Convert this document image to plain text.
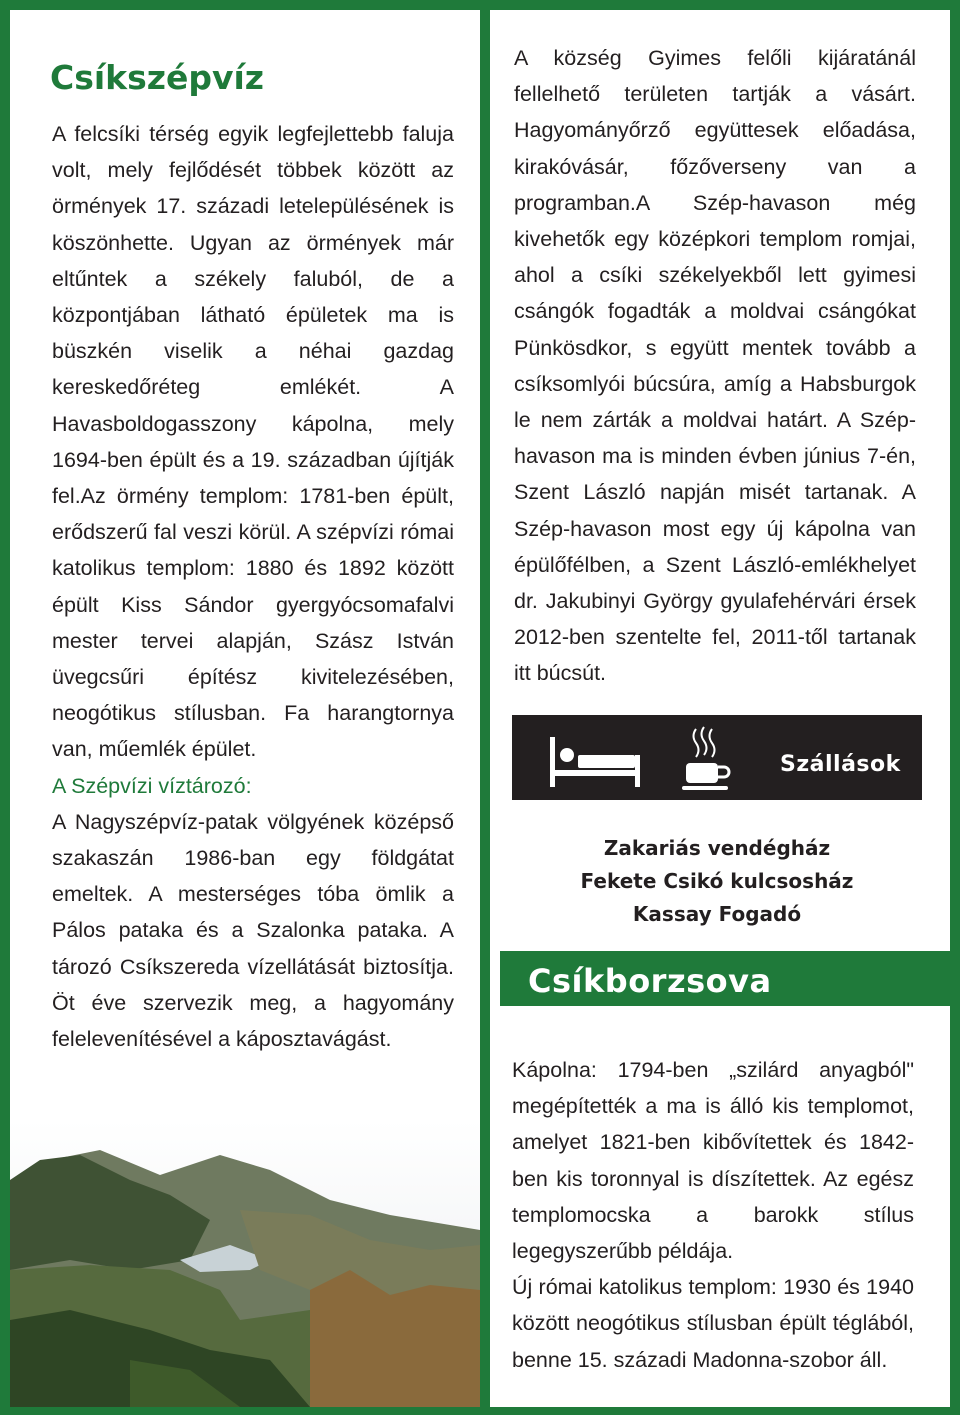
Csíkszépvíz
A felcsíki térség egyik legfejlettebb faluja volt, mely fejlődését többek között az örmények 17. századi letelepülésének is köszönhette. Ugyan az örmények már eltűntek a székely faluból, de a központjában látható épületek ma is büszkén viselik a néhai gazdag kereskedőréteg emlékét. A Havasboldogasszony kápolna, mely 1694-ben épült és a 19. században újítják fel.Az örmény templom: 1781-ben épült, erődszerű fal veszi körül. A szépvízi római katolikus templom: 1880 és 1892 között épült Kiss Sándor gyergyócsomafalvi mester tervei alapján, Szász István üvegcsűri építész kivitelezésében, neogótikus stílusban. Fa harangtornya van, műemlék épület.
A Szépvízi víztározó:
A Nagyszépvíz-patak völgyének középső szakaszán 1986-ban egy földgátat emeltek. A mesterséges tóba ömlik a Pálos pataka és a Szalonka pataka. A tározó Csíkszereda vízellátását biztosítja. Öt éve szervezik meg, a hagyomány felelevenítésével a káposztavágást.
A község Gyimes felőli kijáratánál fellelhető területen tartják a vásárt. Hagyományőrző együttesek előadása, kirakóvásár, főzőverseny van a programban.A Szép-havason még kivehetők egy középkori templom romjai, ahol a csíki székelyekből lett gyimesi csángók fogadták a moldvai csángókat Pünkösdkor, s együtt mentek tovább a csíksomlyói búcsúra, amíg a Habsburgok le nem zárták a moldvai határt. A Szép-havason ma is minden évben június 7-én, Szent László napján misét tartanak. A Szép-havason most egy új kápolna van épülőfélben, a Szent László-emlékhelyet dr. Jakubinyi György gyulafehérvári érsek 2012-ben szentelte fel, 2011-től tartanak itt búcsút.
Szállások
Zakariás vendégház
Fekete Csikó kulcsosház
Kassay Fogadó
Csíkborzsova
Kápolna: 1794-ben „szilárd anyagból" megépítették a ma is álló kis templomot, amelyet 1821-ben kibővítettek és 1842-ben kis toronnyal is díszítettek. Az egész templomocska a barokk stílus legegyszerűbb példája.
Új római katolikus templom: 1930 és 1940 között neogótikus stílusban épült téglából, benne 15. századi Madonna-szobor áll.
